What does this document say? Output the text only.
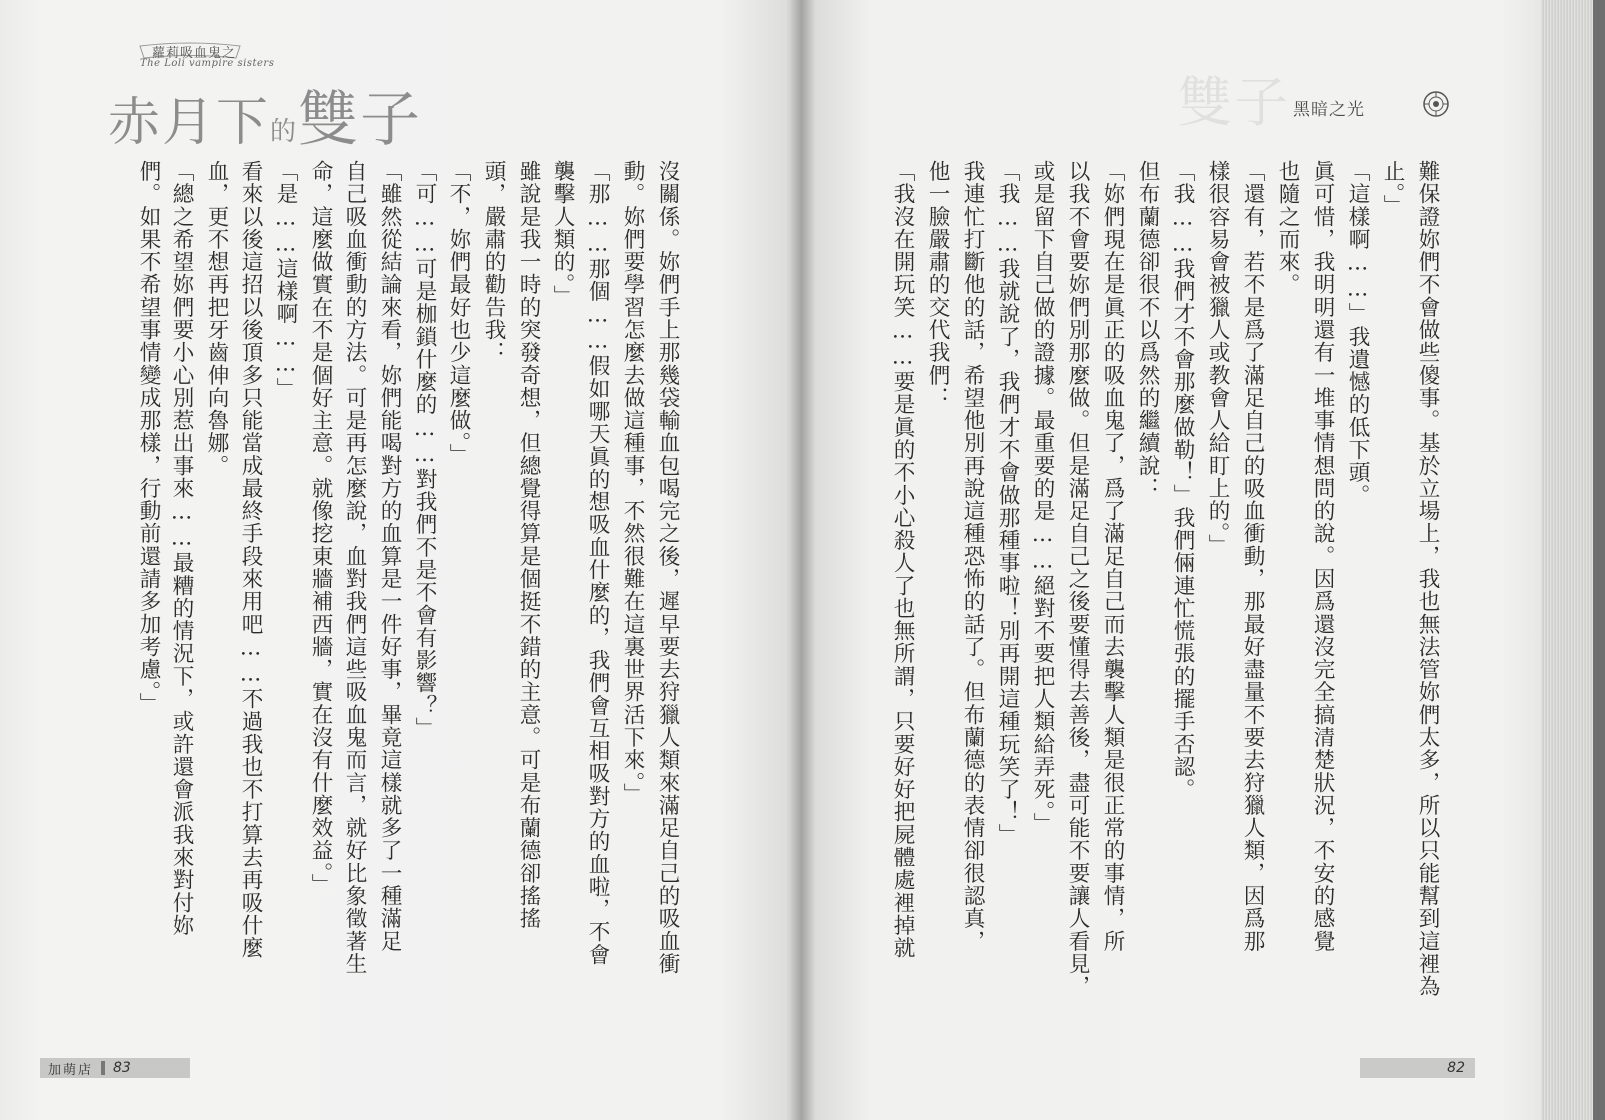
蘿莉吸血鬼之
The Loli vampire sisters
赤月下的雙子
沒關係。妳們手上那幾袋輸血包喝完之後，遲早要去狩獵人類來滿足自己的吸血衝
動。妳們要學習怎麼去做這種事，不然很難在這裏世界活下來。」
「那……那個……假如哪天眞的想吸血什麼的，我們會互相吸對方的血啦，不會
襲擊人類的。」
雖說是我一時的突發奇想，但總覺得算是個挺不錯的主意。可是布蘭德卻搖搖
頭，嚴肅的勸告我：
「不，妳們最好也少這麼做。」
「可……可是枷鎖什麼的……對我們不是不會有影響？」
「雖然從結論來看，妳們能喝對方的血算是一件好事，畢竟這樣就多了一種滿足
自己吸血衝動的方法。可是再怎麼說，血對我們這些吸血鬼而言，就好比象徵著生
命，這麼做實在不是個好主意。就像挖東牆補西牆，實在沒有什麼效益。」
「是……這樣啊……」
看來以後這招以後頂多只能當成最終手段來用吧……不過我也不打算去再吸什麼
血，更不想再把牙齒伸向魯娜。
「總之希望妳們要小心別惹出事來……最糟的情況下，或許還會派我來對付妳
們。如果不希望事情變成那樣，行動前還請多加考慮。」
加萌店 83
雙子 黑暗之光
82
難保證妳們不會做些傻事。基於立場上，我也無法管妳們太多，所以只能幫到這裡為
止。」
「這樣啊……」我遺憾的低下頭。
眞可惜，我明明還有一堆事情想問的說。因爲還沒完全搞清楚狀況，不安的感覺
也隨之而來。
「還有，若不是爲了滿足自己的吸血衝動，那最好盡量不要去狩獵人類，因爲那
樣很容易會被獵人或教會人給盯上的。」
「我……我們才不會那麼做勒！」我們倆連忙慌張的擺手否認。
但布蘭德卻很不以爲然的繼續說：
「妳們現在是眞正的吸血鬼了，爲了滿足自己而去襲擊人類是很正常的事情，所
以我不會要妳們別那麼做。但是滿足自己之後要懂得去善後，盡可能不要讓人看見，
或是留下自己做的證據。最重要的是……絕對不要把人類給弄死。」
「我……我就說了，我們才不會做那種事啦！別再開這種玩笑了！」
我連忙打斷他的話，希望他別再說這種恐怖的話了。但布蘭德的表情卻很認真，
他一臉嚴肅的交代我們：
「我沒在開玩笑……要是眞的不小心殺人了也無所謂，只要好好把屍體處裡掉就
